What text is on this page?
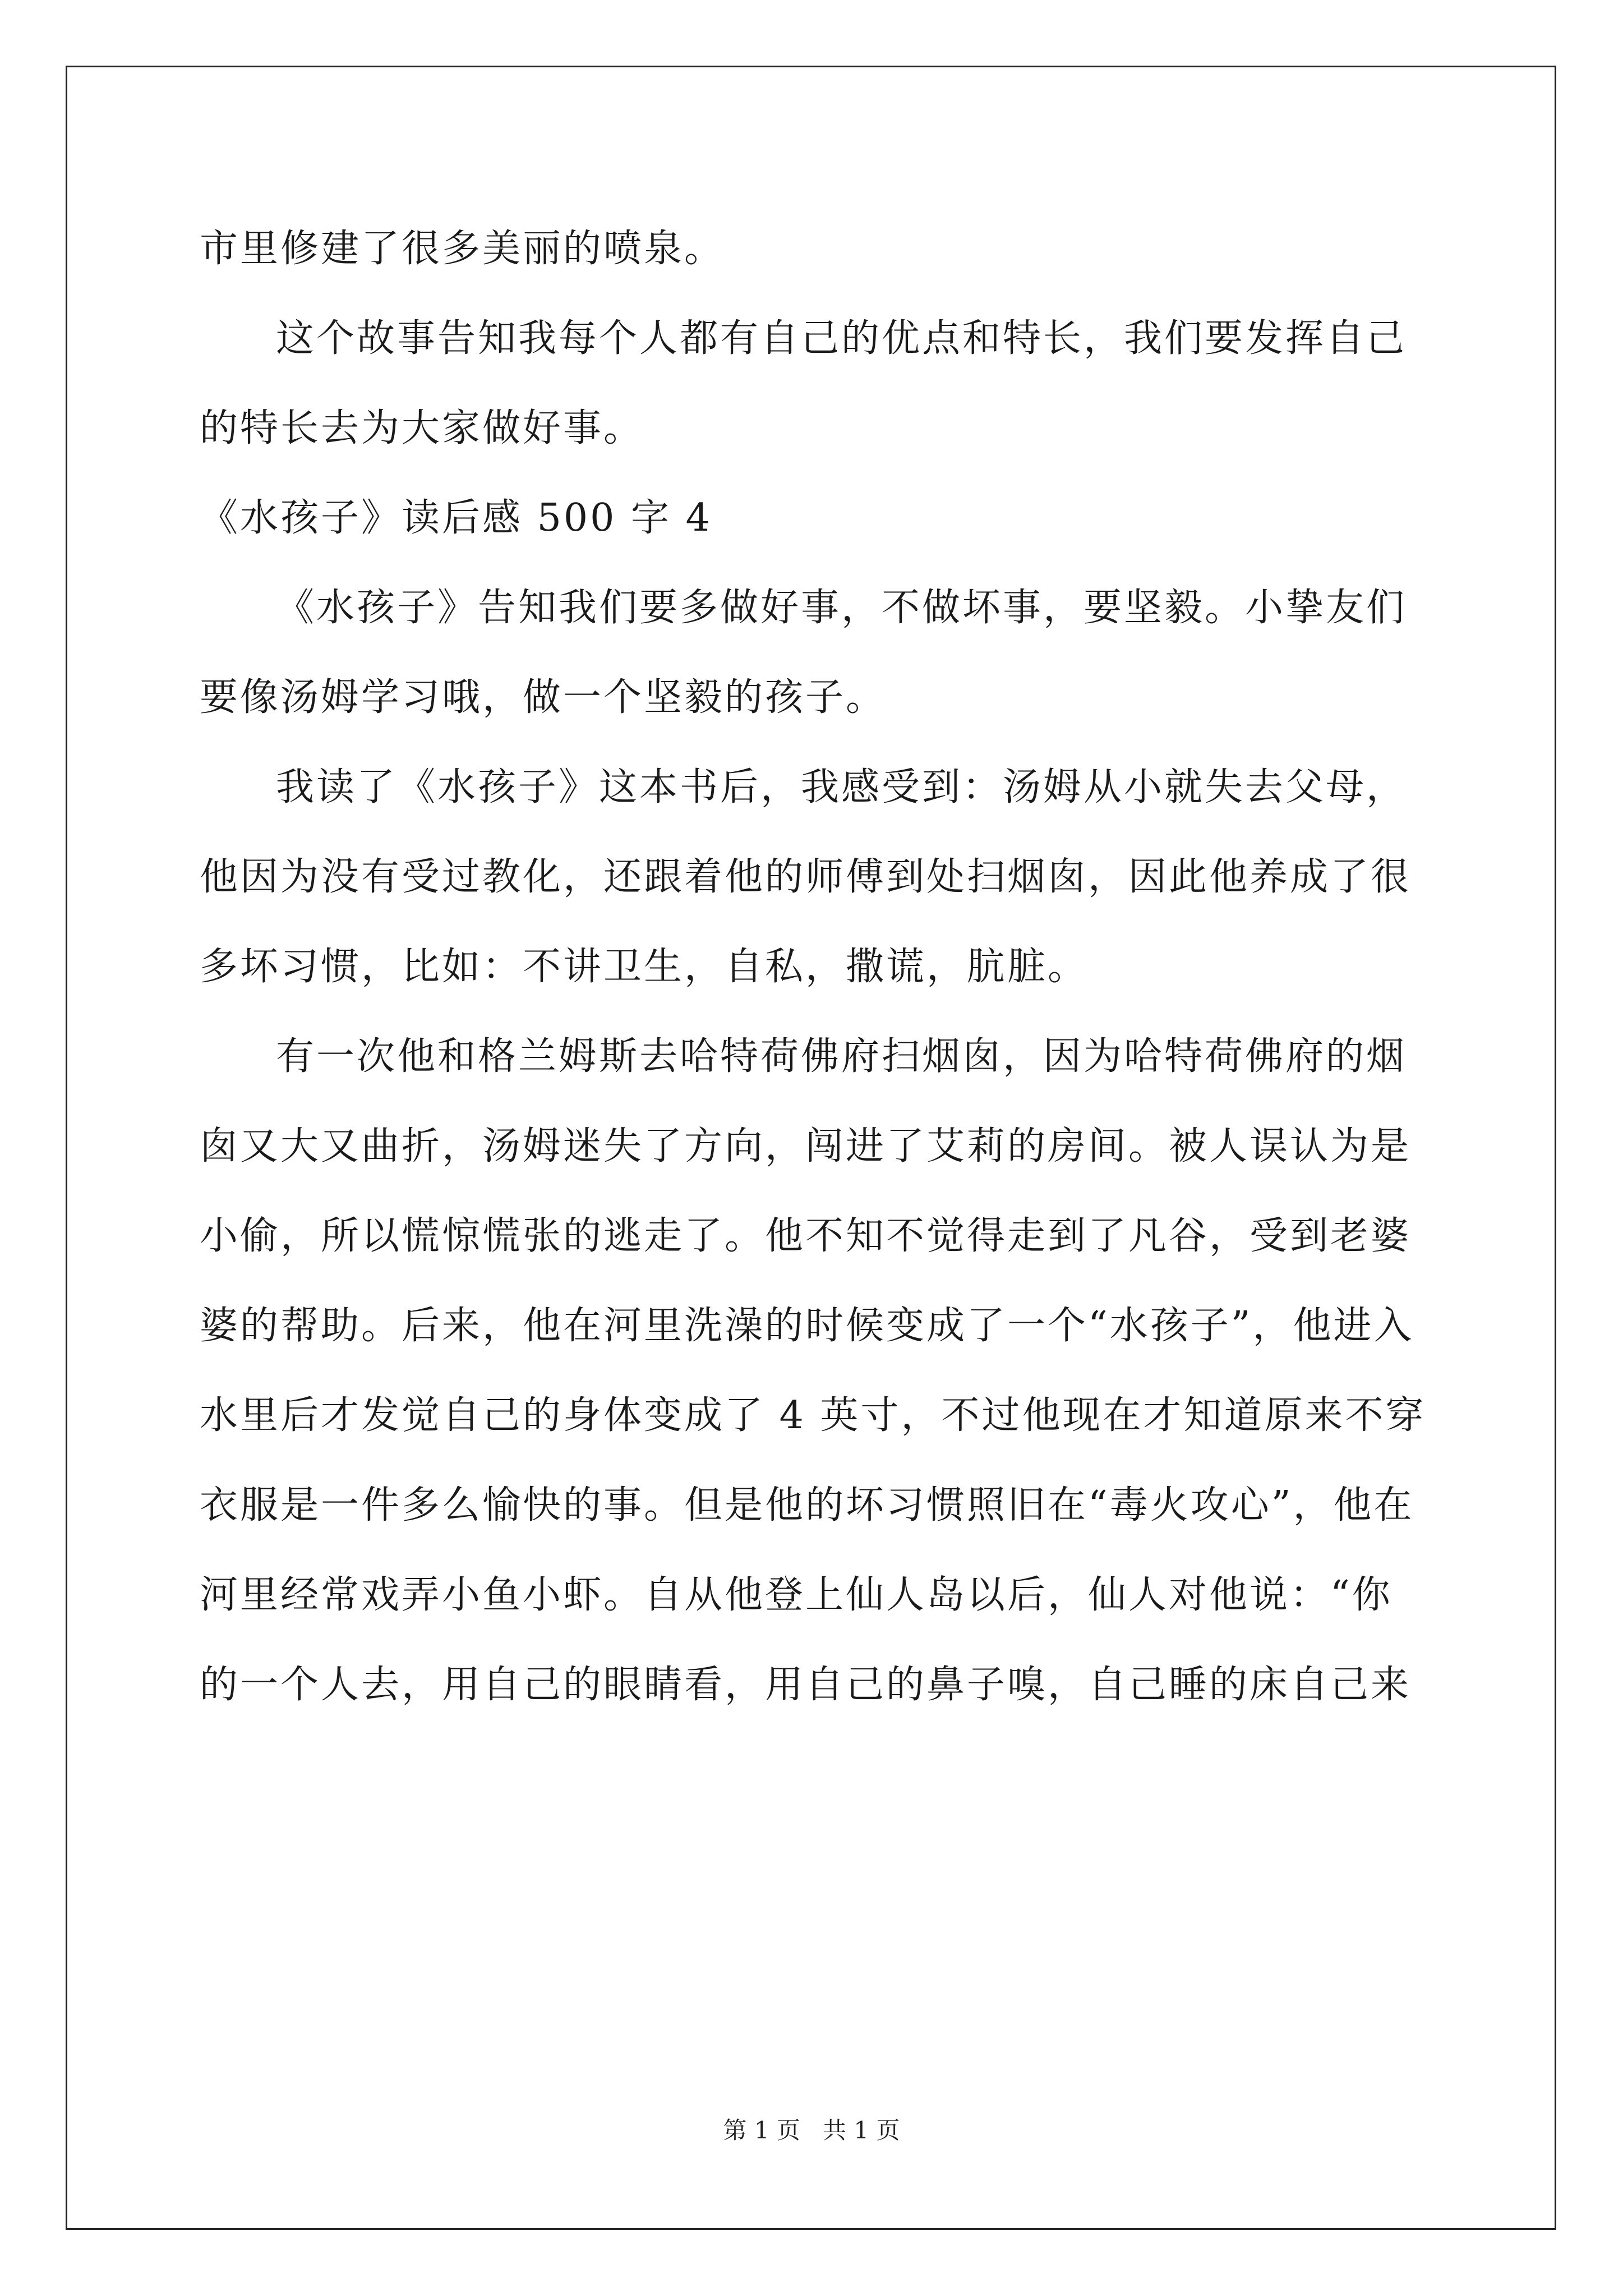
市里修建了很多美丽的喷泉。
这个故事告知我每个人都有自己的优点和特长，我们要发挥自己
的特长去为大家做好事。
《水孩子》读后感 500 字 4
《水孩子》告知我们要多做好事，不做坏事，要坚毅。小挚友们
要像汤姆学习哦，做一个坚毅的孩子。
我读了《水孩子》这本书后，我感受到：汤姆从小就失去父母，
他因为没有受过教化，还跟着他的师傅到处扫烟囱，因此他养成了很
多坏习惯，比如：不讲卫生，自私，撒谎，肮脏。
有一次他和格兰姆斯去哈特荷佛府扫烟囱，因为哈特荷佛府的烟
囱又大又曲折，汤姆迷失了方向，闯进了艾莉的房间。被人误认为是
小偷，所以慌惊慌张的逃走了。他不知不觉得走到了凡谷，受到老婆
婆的帮助。后来，他在河里洗澡的时候变成了一个“水孩子”，他进入
水里后才发觉自己的身体变成了 4 英寸，不过他现在才知道原来不穿
衣服是一件多么愉快的事。但是他的坏习惯照旧在“毒火攻心”，他在
河里经常戏弄小鱼小虾。自从他登上仙人岛以后，仙人对他说：“你
的一个人去，用自己的眼睛看，用自己的鼻子嗅，自己睡的床自己来
第 1 页   共 1 页
